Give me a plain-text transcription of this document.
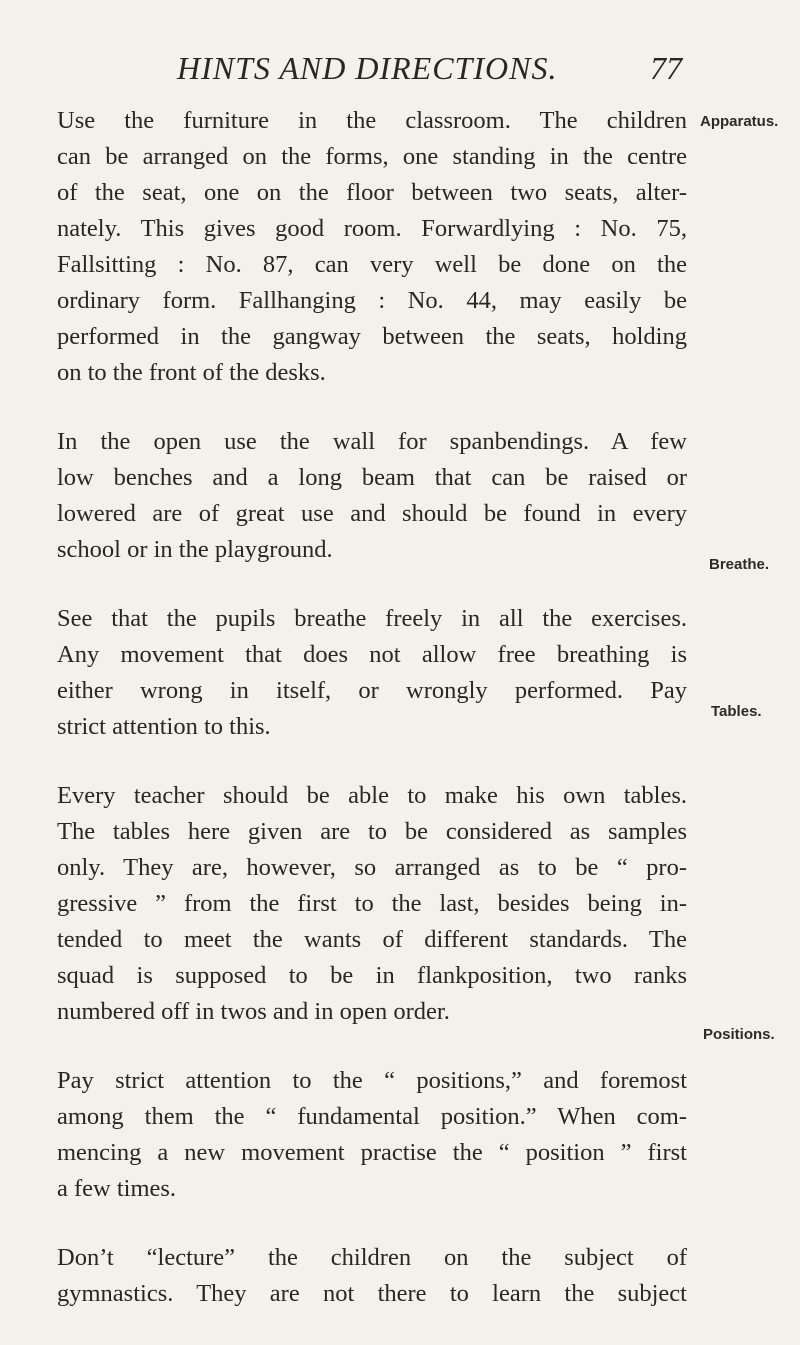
HINTS AND DIRECTIONS.	77

Use the furniture in the classroom. The children
can be arranged on the forms, one standing in the centre
of the seat, one on the floor between two seats, alter-
nately. This gives good room. Forwardlying : No. 75,
Fallsitting : No. 87, can very well be done on the
ordinary form. Fallhanging : No. 44, may easily be
performed in the gangway between the seats, holding
on to the front of the desks.

In the open use the wall for spanbendings. A few
low benches and a long beam that can be raised or
lowered are of great use and should be found in every
school or in the playground.

See that the pupils breathe freely in all the exercises.
Any movement that does not allow free breathing is
either wrong in itself, or wrongly performed. Pay
strict attention to this.

Every teacher should be able to make his own tables.
The tables here given are to be considered as samples
only. They are, however, so arranged as to be “ pro-
gressive ” from the first to the last, besides being in-
tended to meet the wants of different standards. The
squad is supposed to be in flankposition, two ranks
numbered off in twos and in open order.

Pay strict attention to the “ positions,” and foremost
among them the “ fundamental position.” When com-
mencing a new movement practise the “ position ” first
a few times.

Don’t “lecture” the children on the subject of
gymnastics. They are not there to learn the subject

Apparatus.
Breathe.
Tables.
Positions.
